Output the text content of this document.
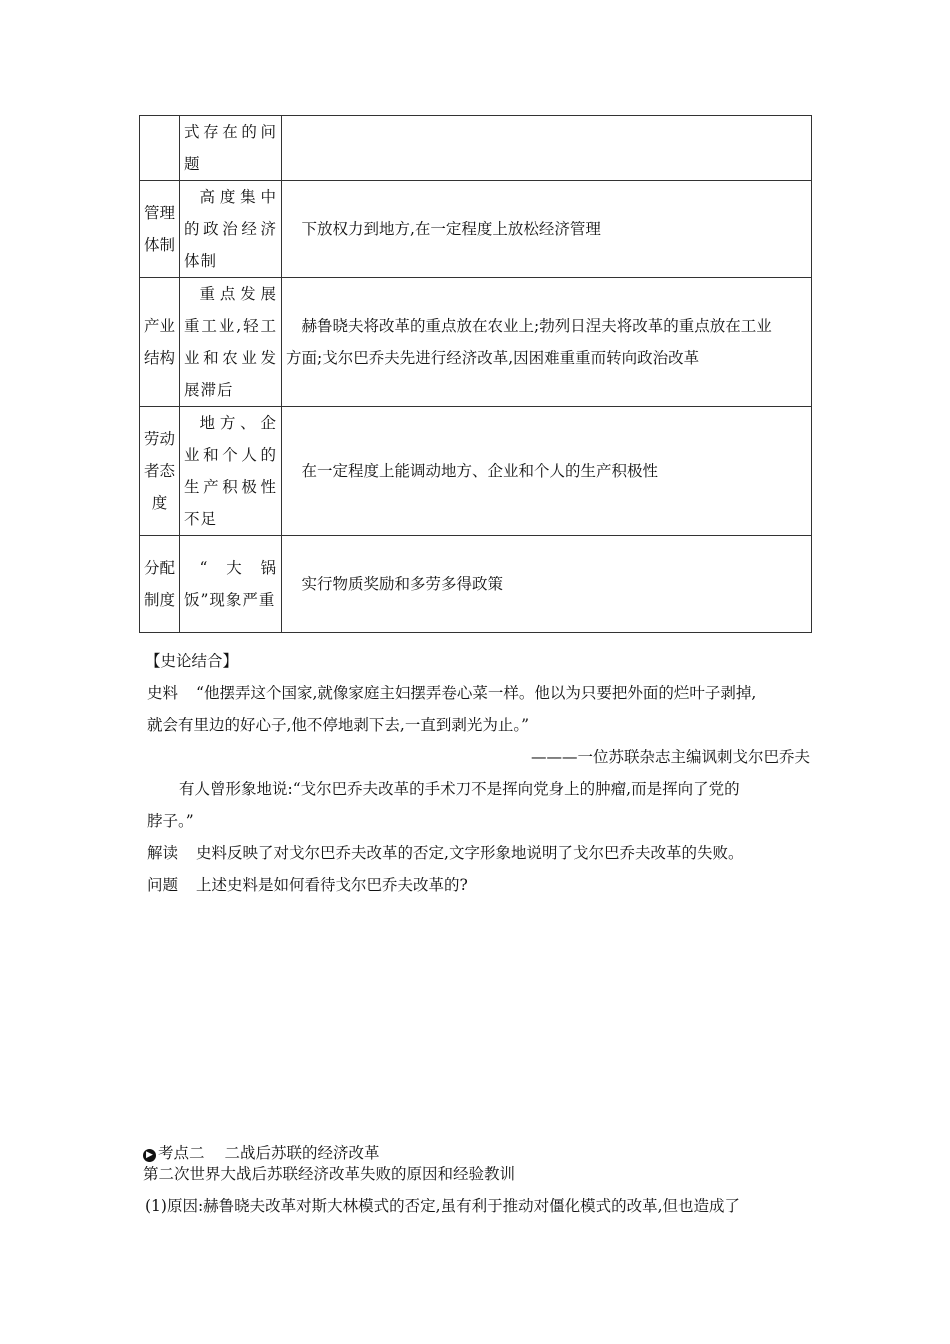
	式存在的问题	
管理体制	高度集中的政治经济体制	下放权力到地方,在一定程度上放松经济管理
产业结构	重点发展重工业,轻工业和农业发展滞后	赫鲁晓夫将改革的重点放在农业上;勃列日涅夫将改革的重点放在工业
方面;戈尔巴乔夫先进行经济改革,因困难重重而转向政治改革

劳动者态度	地方、企业和个人的生产积极性不足	在一定程度上能调动地方、企业和个人的生产积极性
分配制度	“大锅饭”现象严重	实行物质奖励和多劳多得政策
【史论结合】
史料 “他摆弄这个国家,就像家庭主妇摆弄卷心菜一样。他以为只要把外面的烂叶子剥掉,
就会有里边的好心子,他不停地剥下去,一直到剥光为止。”
———一位苏联杂志主编讽刺戈尔巴乔夫
有人曾形象地说:“戈尔巴乔夫改革的手术刀不是挥向党身上的肿瘤,而是挥向了党的
脖子。”
解读 史料反映了对戈尔巴乔夫改革的否定,文字形象地说明了戈尔巴乔夫改革的失败。
问题 上述史料是如何看待戈尔巴乔夫改革的?
▶ 考点二 二战后苏联的经济改革
第二次世界大战后苏联经济改革失败的原因和经验教训
(1)原因:赫鲁晓夫改革对斯大林模式的否定,虽有利于推动对僵化模式的改革,但也造成了
